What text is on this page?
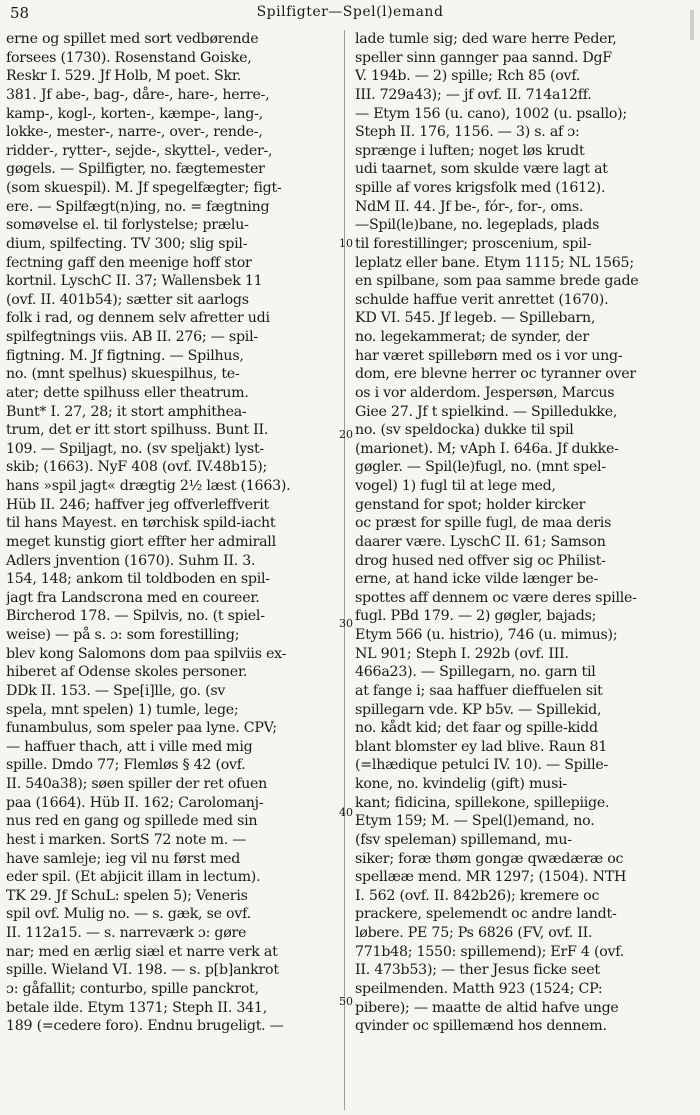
58	Spilfigter—Spel(l)emand
erne og spillet med sort vedbørende
forsees (1730). Rosenstand Goiske,
Reskr I. 529. Jf Holb, M poet. Skr.
381. Jf abe-, bag-, dåre-, hare-, herre-,
kamp-, kogl-, korten-, kæmpe-, lang-,
lokke-, mester-, narre-, over-, rende-,
ridder-, rytter-, sejde-, skyttel-, veder-,
gøgels. — Spilfigter, no. fægtemester
(som skuespil). M. Jf spegelfægter; figt-
ere. — Spilfægt(n)ing, no. = fægtning
somøvelse el. til forlystelse; prælu-
dium, spilfecting. TV 300; slig spil-
fectning gaff den meenige hoff stor
kortnil. LyschC II. 37; Wallensbek 11
(ovf. II. 401b54); sætter sit aarlogs
folk i rad, og dennem selv afretter udi
spilfegtnings viis. AB II. 276; — spil-
figtning. M. Jf figtning. — Spilhus,
no. (mnt spelhus) skuespilhus, te-
ater; dette spilhuss eller theatrum.
Bunt* I. 27, 28; it stort amphithea-
trum, det er itt stort spilhuss. Bunt II.
109. — Spiljagt, no. (sv speljakt) lyst-
skib; (1663). NyF 408 (ovf. IV.48b15);
hans »spil jagt« drægtig 2½ læst (1663).
Hüb II. 246; haffver jeg offverleffverit
til hans Mayest. en tørchisk spild-iacht
meget kunstig giort effter her admirall
Adlers jnvention (1670). Suhm II. 3.
154, 148; ankom til toldboden en spil-
jagt fra Landscrona med en coureer.
Bircherod 178. — Spilvis, no. (t spiel-
weise) — på s. ɔ: som forestilling;
blev kong Salomons dom paa spilviis ex-
hiberet af Odense skoles personer.
DDk II. 153. — Spe[i]lle, go. (sv
spela, mnt spelen) 1) tumle, lege;
funambulus, som speler paa lyne. CPV;
— haffuer thach, att i ville med mig
spille. Dmdo 77; Flemløs § 42 (ovf.
II. 540a38); søen spiller der ret ofuen
paa (1664). Hüb II. 162; Carolomanj-
nus red en gang og spillede med sin
hest i marken. SortS 72 note m. —
have samleje; ieg vil nu først med
eder spil. (Et abjicit illam in lectum).
TK 29. Jf SchuL: spelen 5); Veneris
spil ovf. Mulig no. — s. gæk, se ovf.
II. 112a15. — s. narreværk ɔ: gøre
nar; med en ærlig siæl et narre verk at
spille. Wieland VI. 198. — s. p[b]ankrot
ɔ: gåfallit; conturbo, spille panckrot,
betale ilde. Etym 1371; Steph II. 341,
189 (=cedere foro). Endnu brugeligt. —
lade tumle sig; ded ware herre Peder,
speller sinn gannger paa sannd. DgF
V. 194b. — 2) spille; Rch 85 (ovf.
III. 729a43); — jf ovf. II. 714a12ff.
— Etym 156 (u. cano), 1002 (u. psallo);
Steph II. 176, 1156. — 3) s. af ɔ:
sprænge i luften; noget løs krudt
udi taarnet, som skulde være lagt at
spille af vores krigsfolk med (1612).
NdM II. 44. Jf be-, fór-, for-, oms.
—Spil(le)bane, no. legeplads, plads
til forestillinger; proscenium, spil-
leplatz eller bane. Etym 1115; NL 1565;
en spilbane, som paa samme brede gade
schulde haffue verit anrettet (1670).
KD VI. 545. Jf legeb. — Spillebarn,
no. legekammerat; de synder, der
har været spillebørn med os i vor ung-
dom, ere blevne herrer oc tyranner over
os i vor alderdom. Jespersøn, Marcus
Giee 27. Jf t spielkind. — Spilledukke,
no. (sv speldocka) dukke til spil
(marionet). M; vAph I. 646a. Jf dukke-
gøgler. — Spil(le)fugl, no. (mnt spel-
vogel) 1) fugl til at lege med,
genstand for spot; holder kircker
oc præst for spille fugl, de maa deris
daarer være. LyschC II. 61; Samson
drog hused ned offver sig oc Philist-
erne, at hand icke vilde længer be-
spottes aff dennem oc være deres spille-
fugl. PBd 179. — 2) gøgler, bajads;
Etym 566 (u. histrio), 746 (u. mimus);
NL 901; Steph I. 292b (ovf. III.
466a23). — Spillegarn, no. garn til
at fange i; saa haffuer dieffuelen sit
spillegarn vde. KP b5v. — Spillekid,
no. kådt kid; det faar og spille-kidd
blant blomster ey lad blive. Raun 81
(=lhædique petulci IV. 10). — Spille-
kone, no. kvindelig (gift) musi-
kant; fidicina, spillekone, spillepiige.
Etym 159; M. — Spel(l)emand, no.
(fsv speleman) spillemand, mu-
siker; foræ thøm gongæ qwædæræ oc
spellææ mend. MR 1297; (1504). NTH
I. 562 (ovf. II. 842b26); kremere oc
prackere, spelemendt oc andre landt-
løbere. PE 75; Ps 6826 (FV, ovf. II.
771b48; 1550: spillemend); ErF 4 (ovf.
II. 473b53); — ther Jesus ficke seet
speilmenden. Matth 923 (1524; CP:
pibere); — maatte de altid hafve unge
qvinder oc spillemænd hos dennem.
10
20
30
40
50
